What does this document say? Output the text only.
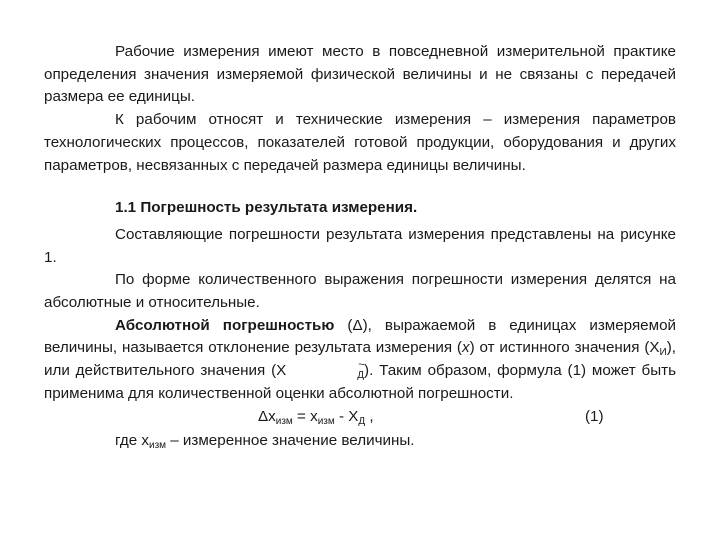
Рабочие измерения имеют место в повседневной измерительной практике определения значения измеряемой физической величины и не связаны с передачей размера ее единицы.

К рабочим относят и технические измерения – измерения параметров технологических процессов, показателей готовой продукции, оборудования и других параметров, несвязанных с передачей размера единицы величины.

1.1 Погрешность результата измерения.

Составляющие погрешности результата измерения представлены на рисунке 1.

По форме количественного выражения погрешности измерения делятся на абсолютные и относительные.

Абсолютной погрешностью (Δ), выражаемой в единицах измеряемой величины, называется отклонение результата измерения (x) от истинного значения $(X_И)$, или действительного значения (X	$_Д$). Таким образом, формула (1) может быть применима для количественной оценки абсолютной погрешности.

$\Delta x_{изм} = x_{изм} - X_Д$ ,	(1)

где $x_{изм}$ – измеренное значение величины.
